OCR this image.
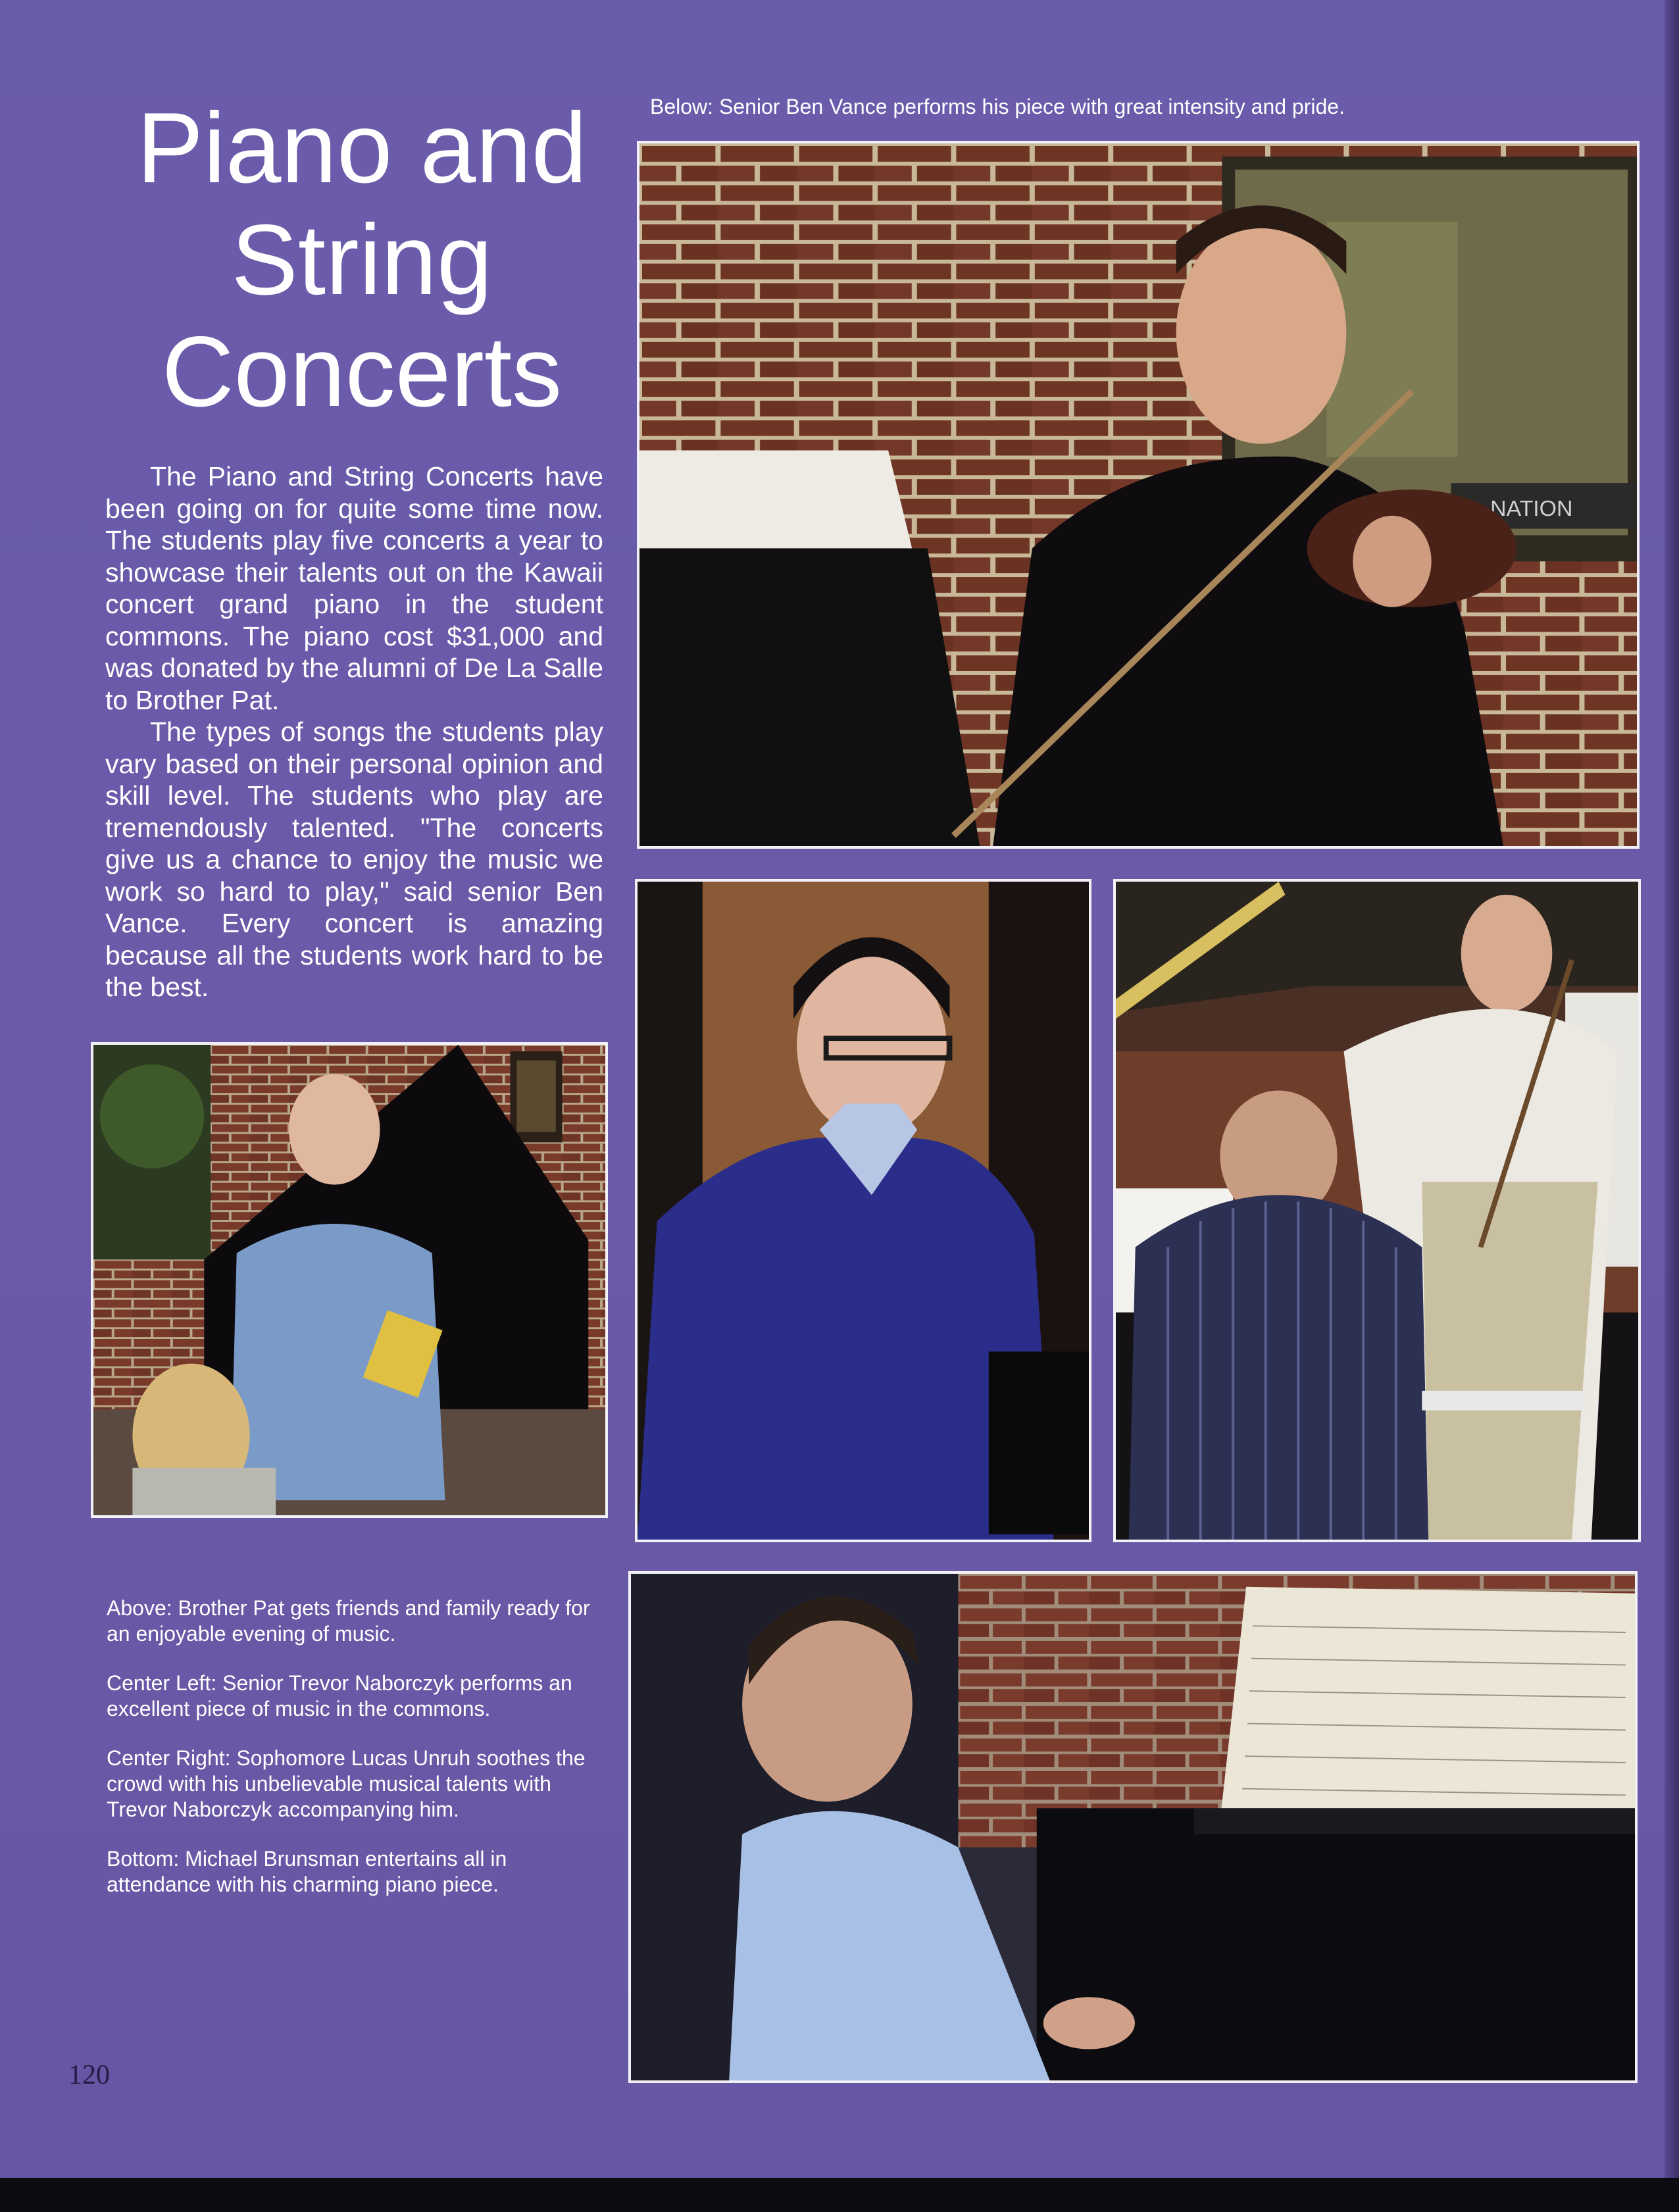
Piano and
String
Concerts

The Piano and String Concerts have been going on for quite some time now. The students play five concerts a year to showcase their talents out on the Kawaii concert grand piano in the student commons. The piano cost $31,000 and was donated by the alumni of De La Salle to Brother Pat.

The types of songs the students play vary based on their personal opinion and skill level. The students who play are tremendously talented. "The concerts give us a chance to enjoy the music we work so hard to play," said senior Ben Vance. Every concert is amazing because all the students work hard to be the best.

Below: Senior Ben Vance performs his piece with great intensity and pride.

NATION

Above: Brother Pat gets friends and family ready for an enjoyable evening of music.

Center Left: Senior Trevor Naborczyk performs an excellent piece of music in the commons.

Center Right: Sophomore Lucas Unruh soothes the crowd with his unbelievable musical talents with Trevor Naborczyk accompanying him.

Bottom: Michael Brunsman entertains all in attendance with his charming piano piece.

120
